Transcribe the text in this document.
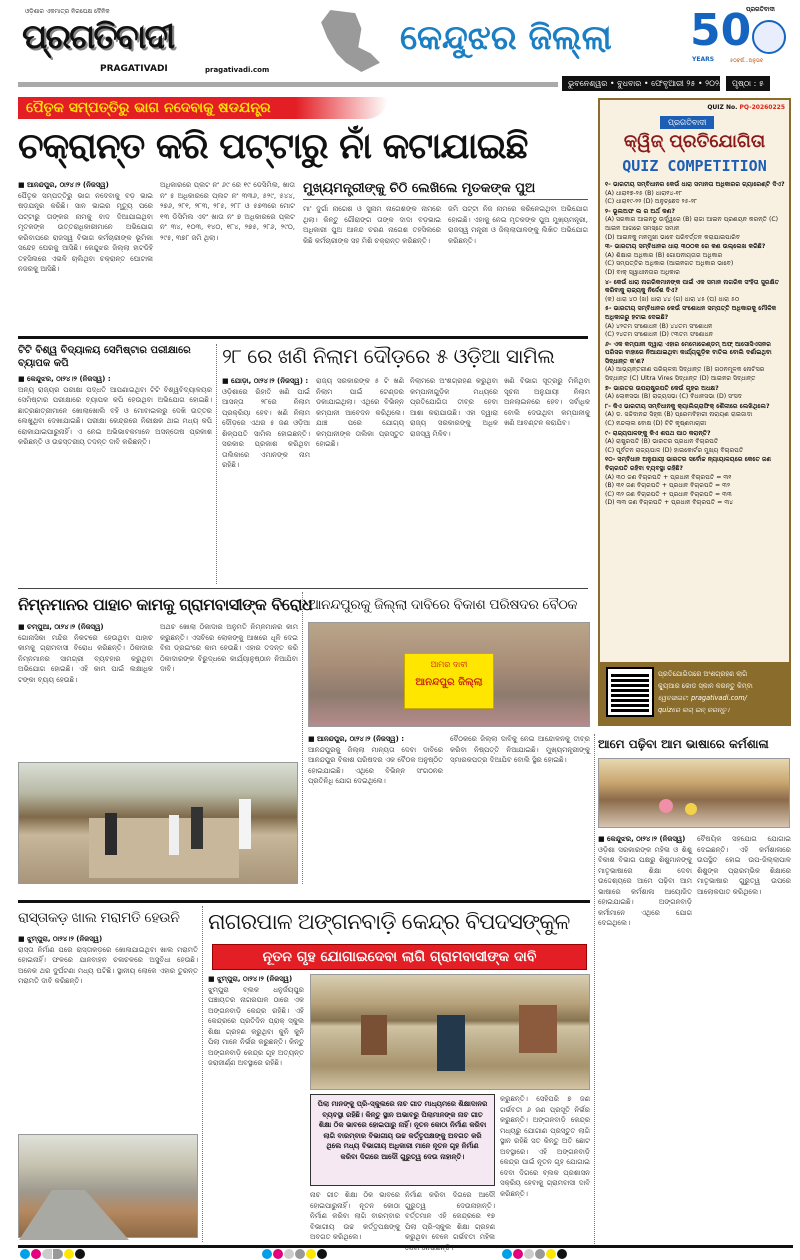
ଓଡ଼ିଶାର ଏକମାତ୍ର ନିରପେକ୍ଷ ଦୈନିକ
ପ୍ରଗତିବାଦୀ
PRAGATIVADI	pragativadi.com
କେନ୍ଦୁଝର ଜିଲ୍ଲା 50
ପ୍ରଗତିବାଦୀ
YEARS	୫୦ବର୍ଷ...ଅନୁଭବ
ଭୁବନେଶ୍ୱର • ବୁଧବାର • ଫେବୃଆରୀ ୨୫ • ୨୦୨୬	ପୃଷ୍ଠା : ୫
ପୈତୃକ ସମ୍ପତ୍ତିରୁ ଭାଗ ନଦେବାକୁ ଷଡଯନ୍ତ୍ର
ଚକ୍ରାନ୍ତ କରି ପଟ୍ଟାରୁ ନାଁ କଟାଯାଇଛି
■ ଆନନ୍ଦପୁର, ଠା୨୪।୨ (ନିଜସ୍ୱ)
ପୈତୃକ ସମ୍ପତ୍ତିରୁ ଭାଗ ନଦେବାକୁ ବଡ଼ ଭାଇ ଷଡ଼ଯନ୍ତ୍ର କରିଛି। ସାନ ଭାଇର ମୃତ୍ୟୁ ପରେ ପଟ୍ଟାରୁ ତାଙ୍କର ନାମକୁ ବାଦ ଦିଆଯାଇଥିବା ମୃତକଙ୍କ ଉତ୍ତରାଧିକାରୀମାନେ ଅଭିଯୋଗ କରିବାପରେ ରାଜସ୍ୱ ବିଭାଗ କର୍ମଚାରୀଙ୍କ ଭୂମିକା ସନ୍ଦେହ ଘେରକୁ ଆସିଛି। କେନ୍ଦୁଝର ଜିଲ୍ଲା ହାଟଡିହି ତହସିଲରେ ଏଭଳି ଚାଲିଥିବା ଚକ୍ରାନ୍ତ ଘୋଟାଳା ନଜରକୁ ଆସିଛି।
ଅଧିକାରରେ ପ୍ଲଟ ନଂ ୬୯ ରେ ୧୯ ଡେସିମିଲ, ଖାତା ନଂ ୫ ଅଧିକାରରେ ପ୍ଲଟ ନଂ ୩୩୬, ୫୨୯, ୫୪୪, ୨୭୬, ୨୮୧, ୨୮୩, ୨୮୫, ୨୮୮ ଓ ୫୭୩ରେ ମୋଟ ୧୩ ଡିସିମିଲ ଏବଂ ଖାତା ନଂ ୭ ଅଧିକାରରେ ପ୍ଲଟ ନଂ ୩୪, ୧୦୩, ୧୪୦, ୧୮୪, ୨୭୫, ୨୮୬, ୨୯୦, ୨୯୫, ୩୭୮ ଜମି ଥିଲା।
ମୁଖ୍ୟମନ୍ତ୍ରୀଙ୍କୁ ଚିଠି ଲେଖିଲେ ମୃତକଙ୍କ ପୁଅ
ମା' ଦୁର୍ଗା ନାଗେଶ ଓ ସୁନାମ ନାଗେଶଙ୍କ ନାମରେ ଥିଲା। କିନ୍ତୁ ଗୌରାଙ୍ଗ ତାଙ୍କ ଦାଦା ବଡ଼ଭାଇ ଅଧିକାରୀ ପୁଅ ଆନନ୍ଦ ଚରଣ ନାଗେଶ ତହସିଲରେ କିଛି କର୍ମଚାରୀଙ୍କ ସହ ମିଶି ଚକ୍ରାନ୍ତ କରିଛନ୍ତି।
ଜମି ପଟ୍ଟା ନିଜ ନାମରେ କରିନେଇଥିବା ଅଭିଯୋଗ ହୋଇଛି। ଏହାକୁ ନେଇ ମୃତକଙ୍କ ପୁଅ ମୁଖ୍ୟମନ୍ତ୍ରୀ, ରାଜସ୍ୱ ମନ୍ତ୍ରୀ ଓ ଜିଲ୍ଲାପାଳଙ୍କୁ ଲିଖିତ ଅଭିଯୋଗ କରିଛନ୍ତି।
ଟିଟି ବିଶ୍ୱ ବିଦ୍ୟାଳୟ ସେମିଷ୍ଟାର ପରୀକ୍ଷାରେ ବ୍ୟାପକ କପି
■ କେନ୍ଦୁଝର, ଠା୨୪।୨ (ନିଜସ୍ୱ) :
ଅନ୍ୟ ରାଜ୍ୟର ପରୀକ୍ଷା ପଦ୍ଧତି ଆପଣାଇଥିବା ଟିଟି ବିଶ୍ୱବିଦ୍ୟାଳୟର ସେମିଷ୍ଟାର ପରୀକ୍ଷାରେ ବ୍ୟାପକ କପି ହେଉଥିବା ଅଭିଯୋଗ ହୋଇଛି। ଛାତ୍ରଛାତ୍ରୀମାନେ ଖୋଲାଖୋଲି ବହି ଓ ମୋବାଇଲରୁ ଦେଖି ଉତ୍ତର ଲେଖୁଥିବା ଦେଖାଯାଇଛି। ପରୀକ୍ଷା କେନ୍ଦ୍ରରେ ନିରୀକ୍ଷକ ଥାଇ ମଧ୍ୟ କପି ରୋକାଯାଇପାରୁନାହିଁ। ଏ ନେଇ ଅଭିଭାବକମାନେ ଅସନ୍ତୋଷ ପ୍ରକାଶ କରିଛନ୍ତି ଓ ଉଚ୍ଚସ୍ତରୀୟ ତଦନ୍ତ ଦାବି କରିଛନ୍ତି।
୨୮ ରେ ଖଣି ନିଲାମ ଦୌଡ଼ରେ ୫ ଓଡ଼ିଆ ସାମିଲ
■ ଯୋଡ଼ା, ଠା୨୪।୨ (ନିଜସ୍ୱ) :
ଓଡ଼ିଶାରେ ରିହାତି ଖଣି ପାଇଁ ଆସନ୍ତା ୨୮ରେ ନିଲାମ ପ୍ରକ୍ରିୟା ହେବ। ଖଣି ନିଲାମ ଦୌଡ଼ରେ ଏଥର ୫ ଜଣ ଓଡ଼ିଆ ଶିଳ୍ପପତି ସାମିଲ ହୋଇଛନ୍ତି। ସରକାର ପ୍ରକାଶ କରିଥିବା ତାଲିକାରେ ଏମାନଙ୍କ ନାମ ରହିଛି।
ରାଜ୍ୟ ସରକାରଙ୍କ ୫ ଟି ଖଣି ନିଲାମ ପାଇଁ ଟେଣ୍ଡର ଡକାଯାଇଥିଲା। ଏଥିରେ ବିଭିନ୍ନ କମ୍ପାନୀ ଆବେଦନ କରିଥିଲେ। ଯାଞ୍ଚ ପରେ ଯୋଗ୍ୟ କମ୍ପାନୀଙ୍କ ତାଲିକା ପ୍ରସ୍ତୁତ ହୋଇଛି।
ନିଲାମରେ ଅଂଶଗ୍ରହଣ କରୁଥିବା କମ୍ପାନୀଗୁଡ଼ିକ ମଧ୍ୟରେ ପ୍ରତିଯୋଗିତା ତୀବ୍ର ହେବା ଆଶା କରାଯାଉଛି। ଏହା ଦ୍ୱାରା ରାଜ୍ୟ ସରକାରଙ୍କୁ ଅଧିକ ରାଜସ୍ୱ ମିଳିବ।
ଖଣି ବିଭାଗ ସୂତ୍ରରୁ ମିଳିଥିବା ସୂଚନା ଅନୁଯାୟୀ ନିଲାମ ଅନଲାଇନରେ ହେବ। ସର୍ବାଧିକ ବୋଲି ଦେଉଥିବା କମ୍ପାନୀକୁ ଖଣି ଆବଣ୍ଟନ କରାଯିବ।
ନିମ୍ନମାନର ପାହାଚ କାମକୁ ଗ୍ରାମବାସୀଙ୍କ ବିରୋଧ
■ ଚମ୍ପୁଆ, ଠା୨୪।୨ (ନିଜସ୍ୱ)
ଗୋନାସିକା ମନ୍ଦିର ନିକଟରେ ହେଉଥିବା ପାହାଚ କାମକୁ ଗ୍ରାମବାସୀ ବିରୋଧ କରିଛନ୍ତି। ଠିକାଦାର ନିମ୍ନମାନର ସାମଗ୍ରୀ ବ୍ୟବହାର କରୁଥିବା ଅଭିଯୋଗ ହୋଇଛି। ଏହି କାମ ପାଇଁ ଲକ୍ଷାଧିକ ଟଙ୍କା ବ୍ୟୟ ହେଉଛି।
ଅଥଚ ଖୋଲା ଠିକାଦାର ଅନୁମତି ନିମ୍ନମାନର କାମ କରୁଛନ୍ତି। ଏସବିରେ ଲୋକଙ୍କୁ ଆଖରେ ଧୂଳି ଦେଇ ବିନା ଡ୍ରଇଂରେ କାମ ହେଉଛି। ଏହାର ତଦନ୍ତ କରି ଠିକାଦାରଙ୍କ ବିରୁଦ୍ଧରେ କାର୍ଯ୍ୟାନୁଷ୍ଠାନ ନିଆଯିବା ଦାବି।
ଆନନ୍ଦପୁରକୁ ଜିଲ୍ଲା ଦାବିରେ ବିକାଶ ପରିଷଦର ବୈଠକ
ଆମର ଦାବୀ
ଆନନ୍ଦପୁର ଜିଲ୍ଲା
■ ଆନନ୍ଦପୁର, ଠା୨୪।୨ (ନିଜସ୍ୱ) :
ଆନନ୍ଦପୁରକୁ ଜିଲ୍ଲା ମାନ୍ୟତା ଦେବା ଦାବିରେ ଆନନ୍ଦପୁର ବିକାଶ ପରିଷଦର ଏକ ବୈଠକ ଅନୁଷ୍ଠିତ ହୋଇଯାଇଛି। ଏଥିରେ ବିଭିନ୍ନ ସଂଗଠନର ପ୍ରତିନିଧି ଯୋଗ ଦେଇଥିଲେ।
ବୈଠକରେ ଜିଲ୍ଲା ଦାବିକୁ ନେଇ ଆନ୍ଦୋଳନକୁ ତୀବ୍ର କରିବା ନିଷ୍ପତ୍ତି ନିଆଯାଇଛି। ମୁଖ୍ୟମନ୍ତ୍ରୀଙ୍କୁ ସ୍ମାରକପତ୍ର ଦିଆଯିବ ବୋଲି ସ୍ଥିର ହୋଇଛି।
QUIZ No. PQ-20260225
ପ୍ରଗତିବାଦୀ
କ୍ୱିଜ୍ ପ୍ରତିଯୋଗିତା
QUIZ COMPETITION
୧- ଭାରତୀୟ ସମ୍ବିଧାନର କେଉଁ ଧାରା ସମାନତା ଅଧିକାରର ଗ୍ୟାରେଣ୍ଟି ଦିଏ?
(A) ଧାରା୧୭-୨୫ (B) ଧାରା୧୪-୧୮
(C) ଧାରା୧୯-୨୨ (D) ଅନୁଚ୍ଛେଦ ୨୫-୨୮
୨- ଭୂଲଅଫ ଲ ର ଅର୍ଥ କଣ?
(A) ସରକାର ଆଇନଠୁ ଉର୍ଦ୍ଧ୍ୱରେ (B) ରାଜା ଆଇନ ପ୍ରଣୟନ କରନ୍ତି (C) ଆଇନ ଆଗରେ ସମସ୍ତେ ସମାନ
(D) ଆଇନକୁ ମନମୁଖୀ ଭାବେ ପରିବର୍ତ୍ତନ କରାଯାଇପାରିବ
୩- ଭାରତୀୟ ସମ୍ବିଧାନର ଧାରା ୩୦୦କ ରେ କଣ ଉଲ୍ଲେଖ କରିଛି?
(A) ଶିକ୍ଷାର ଅଧିକାର (B) ଗୋପନୀୟତାର ଅଧିକାର
(C) ସମ୍ପତ୍ତିର ଅଧିକାର (ଆଇନଗତ ଅଧିକାର ଭାବେ)
(D) ବାକ୍ ସ୍ୱାଧୀନତାର ଅଧିକାର
୪- କେଉଁ ଧାରା ନାଗରିକମାନଙ୍କ ପାଇଁ ଏକ ସମାନ ନାଗରିକ ସଂହିତା ସୁରକ୍ଷିତ କରିବାକୁ ରାଜ୍ୟକୁ ନିର୍ଦ୍ଦେଶ ଦିଏ?
(କ) ଧାରା ୪୦ (ଖ) ଧାରା ୪୪ (ଗ) ଧାରା ୪୫ (ଘ) ଧାରା ୫୦
୫- ଭାରତୀୟ ସମ୍ବିଧାନର କେଉଁ ସଂଶୋଧନ ସମ୍ପତ୍ତି ଅଧିକାରକୁ ମୌଳିକ ଅଧିକାରରୁ ହଟାଇ ଦେଇଛି?
(A) ୪୨ତମ ସଂଶୋଧନ (B) ୪୪ତମ ସଂଶୋଧନ
(C) ୨୪ତମ ସଂଶୋଧନ (D) ୯୩ତମ ସଂଶୋଧନ
୬- ଏକ କମ୍ପାନୀ ଦ୍ୱାରା ଏହାର ମେମୋରେଣ୍ଡମ୍ ଅଫ୍ ଆସୋସିଏସନର ପରିସର ବାହାରେ ନିଆଯାଇଥିବା କାର୍ଯ୍ୟଗୁଡ଼ିକ ବାତିଲ ବୋଲି ଦର୍ଶାଇଥିବା ସିଦ୍ଧାନ୍ତ କ'ଣ?
(A) ଆଭ୍ୟନ୍ତରୀଣ ପରିଚାଳନା ସିଦ୍ଧାନ୍ତ (B) ଗଠନମୂଳକ ନୋଟିସର ସିଦ୍ଧାନ୍ତ (C) Ultra Vires ସିଦ୍ଧାନ୍ତ (D) ଆଇନର ସିଦ୍ଧାନ୍ତ
୭- ଭାରତର ଉପରାଷ୍ଟ୍ରପତି କେଉଁ ଗୃହର ଅଧକ୍ଷ?
(A) ଲୋକସଭା (B) ରାଜ୍ୟସଭା (C) ବିଧାନସଭା (D) ସଂସଦ
୮- କିଏ ଭାରତୀୟ ସମ୍ବିଧାନକୁ କ୍ୟାଲିଗ୍ରାଫିକ୍ ଶୈଳୀରେ ଲେଖିଥିଲେ?
(A) ଡ. ସଚ୍ଚିଦାନନ୍ଦ ସିହ୍ନା (B) ପ୍ରେମବିହାରୀ ନାରାୟଣ ରାଇଜାଦା
(C) ନନ୍ଦଲାଲ ବୋଷ (D) ଟିଟି କୃଷ୍ଣମାଚାରୀ
୯- ରାଜ୍ୟପାଳଙ୍କୁ କିଏ ଶପଥ ପାଠ କରାନ୍ତି?
(A) ରାଷ୍ଟ୍ରପତି (B) ଭାରତର ପ୍ରଧାନ ବିଚାରପତି
(C) ପୂର୍ବତନ ରାଜ୍ୟପାଳ (D) ହାଇକୋର୍ଟର ମୁଖ୍ୟ ବିଚାରପତି
୧୦- ସମ୍ବିଧାନ ଅନୁଯାୟୀ ଭାରତର ସର୍ବୋଚ୍ଚ ନ୍ୟାୟାଳୟରେ କେତେ ଜଣ ବିଚାରପତି ରହିବା ବ୍ୟବସ୍ଥା ରହିଛି?
(A) ୩୦ ଜଣ ବିଚାରପତି + ପ୍ରଧାନ ବିଚାରପତି = ୩୧
(B) ୩୧ ଜଣ ବିଚାରପତି + ପ୍ରଧାନ ବିଚାରପତି = ୩୨
(C) ୩୨ ଜଣ ବିଚାରପତି + ପ୍ରଧାନ ବିଚାରପତି = ୩୩
(D) ୩୩ ଜଣ ବିଚାରପତି + ପ୍ରଧାନ ବିଚାରପତି = ୩୪
ପ୍ରତିଯୋଗିତାରେ ଅଂଶଗ୍ରହଣ ଲାଗି
କ୍ୟୁଆର କୋଡ ସ୍କାନ କରନ୍ତୁ କିମ୍ବା
ୱେବସାଇଟ: pragativadi.com/
quizରେ ଲଗ୍ ଇନ୍ କରନ୍ତୁ।
ଆମେ ପଢ଼ିବା ଆମ ଭାଷାରେ କର୍ମଶାଳା
■ କେନ୍ଦୁଝର, ଠା୨୪।୨ (ନିଜସ୍ୱ)
ଓଡ଼ିଶା ସରକାରଙ୍କ ମହିଳା ଓ ଶିଶୁ ବିକାଶ ବିଭାଗ ପକ୍ଷରୁ ଶିଶୁମାନଙ୍କୁ ମାତୃଭାଷାରେ ଶିକ୍ଷା ଦେବା ଉଦ୍ଦେଶ୍ୟରେ ଆମେ ପଢ଼ିବା ଆମ ଭାଷାରେ କର୍ମଶାଳା ଆୟୋଜିତ ହୋଇଯାଇଛି। ଅଙ୍ଗନବାଡ଼ି କର୍ମୀମାନେ ଏଥିରେ ଯୋଗ ଦେଇଥିଲେ।
ବୈଷୟିକ ସହଯୋଗ ଯୋଗାଇ ଦେଇଛନ୍ତି। ଏହି କର୍ମଶାଳାରେ ଉପସ୍ଥିତ ହୋଇ ଉପ-ଜିଲ୍ଲାପାଳ ଶିଶୁଙ୍କ ପ୍ରାରମ୍ଭିକ ଶିକ୍ଷାରେ ମାତୃଭାଷାର ଗୁରୁତ୍ୱ ଉପରେ ଆଲୋକପାତ କରିଥିଲେ।
ରାସ୍ତାକଡ଼ ଖାଲ ମରାମତି ହେଉନି
■ ଝୁମ୍ପୁରା, ଠା୨୪।୨ (ନିଜସ୍ୱ)
ରାସ୍ତା ନିର୍ମାଣ ପରେ ରାସ୍ତାକଡ଼ରେ ଖୋଳାଯାଇଥିବା ଖାଲ ମରାମତି ହୋଇନାହିଁ। ଫଳରେ ଯାନବାହନ ଚଳାଚଳରେ ଅସୁବିଧା ହେଉଛି। ଅନେକ ଥର ଦୁର୍ଘଟଣା ମଧ୍ୟ ଘଟିଛି। ସ୍ଥାନୀୟ ଲୋକେ ଏହାର ତୁରନ୍ତ ମରାମତି ଦାବି କରିଛନ୍ତି।
ନାଗରପାଳ ଅଙ୍ଗନବାଡ଼ି କେନ୍ଦ୍ର ବିପଦସଙ୍କୁଳ
ନୂତନ ଗୃହ ଯୋଗାଇଦେବା ଲାଗି ଗ୍ରାମବାସୀଙ୍କ ଦାବି
■ ଝୁମ୍ପୁରା, ଠା୨୪।୨ (ନିଜସ୍ୱ)
ଝୁମ୍ପୁରା ବ୍ଲକ ଧନୁର୍ଜୟପୁର ପଞ୍ଚାୟତର ନାଗରପାଳ ଠାରେ ଏକ ଅଙ୍ଗନବାଡ଼ି କେନ୍ଦ୍ର ରହିଛି। ଏହି କେନ୍ଦ୍ରରେ ପ୍ରତିଦିନ ପ୍ରାକ୍ ସ୍କୁଲ ଶିକ୍ଷା ଗ୍ରହଣ କରୁଥିବା କୁନି କୁନି ପିଲା ମାନେ ନିର୍ଭର କରୁଛନ୍ତି। କିନ୍ତୁ ଅଙ୍ଗନବାଡ଼ି କେନ୍ଦ୍ର ଗୃହ ଅତ୍ୟନ୍ତ ଜରାଜୀର୍ଣ୍ଣ ଅବସ୍ଥାରେ ରହିଛି।
ପିଲା ମାନଙ୍କୁ ପ୍ରି-ସ୍କୁଲରେ ନାଚ ଗୀତ ମାଧ୍ୟମରେ ଶିକ୍ଷାଦାନର ବ୍ୟବସ୍ଥା ରହିଛି। କିନ୍ତୁ ସ୍ଥାନ ଅଭାବରୁ ପିଲାମାନଙ୍କ ନାଚ ଗୀତ ଶିକ୍ଷା ଠିକ ଭାବରେ ହୋଇପାରୁ ନାହିଁ। ନୂତନ କୋଠା ନିର୍ମାଣ କରିବା ଲାଗି ବାରମ୍ବାର ବିଭାଗୀୟ ଉଚ୍ଚ କର୍ତ୍ତୃପକ୍ଷଙ୍କୁ ଅବଗତ କରି ଥିଲେ ମଧ୍ୟ ବିଭାଗୀୟ ଅଧିକାରୀ ମାନେ ନୂତନ ଗୃହ ନିର୍ମାଣ କରିବା ଦିଗରେ ଆଦୌ ଗୁରୁତ୍ୱ ଦେଉ ନାହାନ୍ତି।
ନାଚ ଗୀତ ଶିକ୍ଷା ଠିକ ଭାବରେ ହୋଇପାରୁନାହିଁ। ନୂତନ କୋଠା ନିର୍ମାଣ କରିବା ଲାଗି ବାରମ୍ବାର ବିଭାଗୀୟ ଉଚ୍ଚ କର୍ତ୍ତୃପକ୍ଷଙ୍କୁ ଅବଗତ କରିଥିଲେ।
ନିର୍ମାଣ କରିବା ଦିଗରେ ଆଦୌ ଗୁରୁତ୍ୱ ଦେଉନାହାନ୍ତି। ବର୍ତ୍ତମାନ ଏହି କେନ୍ଦ୍ରରେ ୧୭ ପିଲା ପ୍ରି-ସ୍କୁଲ ଶିକ୍ଷା ଗ୍ରହଣ କରୁଥିବା ବେଳେ ଗର୍ଭବତୀ ମହିଳା
କରୁଛନ୍ତି। ସେହିପରି ୭ ଜଣ ଗର୍ଭବତୀ ୬ ଜଣ ପ୍ରସୂତି ନିର୍ଭର କରୁଛନ୍ତି। ଅଙ୍ଗନବାଡ଼ି କେନ୍ଦ୍ର ମଧ୍ୟରୁ ଯୋଗାଣ ପ୍ରସ୍ତୁତ ଲାଗି ସ୍ଥାନ ରହିଛି ସତ କିନ୍ତୁ ଅତି ଛୋଟ ଅବସ୍ଥାରେ। ଏହି ଅଙ୍ଗନବାଡ଼ି କେନ୍ଦ୍ର ପାଇଁ ନୂତନ ଗୃହ ଯୋଗାଇ ଦେବା ଦିଗରେ ବ୍ଲକ ପ୍ରଶାସନ ସକ୍ରିୟ ହେବାକୁ ଗ୍ରାମବାସୀ ଦାବି କରିଛନ୍ତି।
